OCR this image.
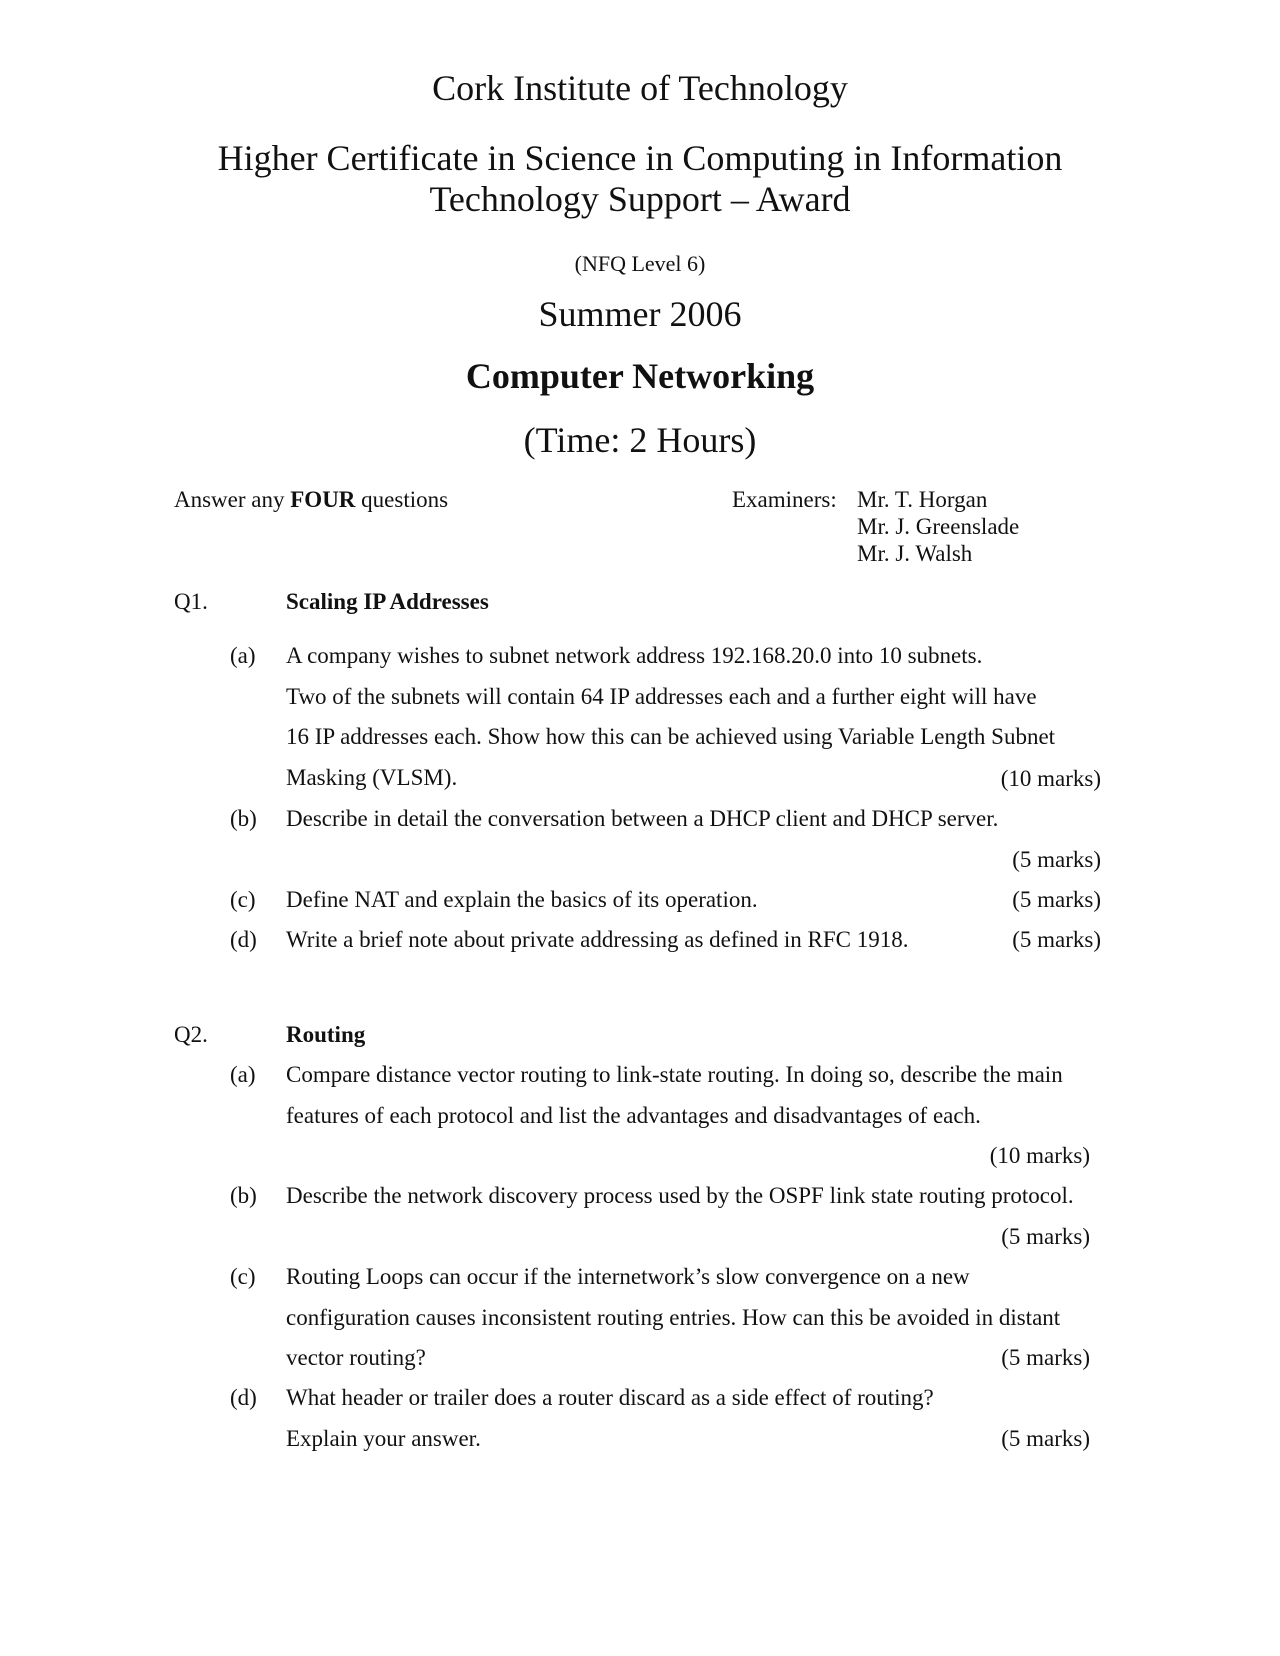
Cork Institute of Technology
Higher Certificate in Science in Computing in Information
Technology Support – Award
(NFQ Level 6)
Summer 2006
Computer Networking
(Time: 2 Hours)
Answer any FOUR questions	Examiners: Mr. T. Horgan
Mr. J. Greenslade
Mr. J. Walsh
Q1.	Scaling IP Addresses
(a) A company wishes to subnet network address 192.168.20.0 into 10 subnets.
Two of the subnets will contain 64 IP addresses each and a further eight will have
16 IP addresses each. Show how this can be achieved using Variable Length Subnet
Masking (VLSM).	(10 marks)
(b) Describe in detail the conversation between a DHCP client and DHCP server.
(5 marks)
(c) Define NAT and explain the basics of its operation.	(5 marks)
(d) Write a brief note about private addressing as defined in RFC 1918.	(5 marks)
Q2.	Routing
(a) Compare distance vector routing to link-state routing. In doing so, describe the main
features of each protocol and list the advantages and disadvantages of each.
(10 marks)
(b) Describe the network discovery process used by the OSPF link state routing protocol.
(5 marks)
(c) Routing Loops can occur if the internetwork’s slow convergence on a new
configuration causes inconsistent routing entries. How can this be avoided in distant
vector routing?	(5 marks)
(d) What header or trailer does a router discard as a side effect of routing?
Explain your answer.	(5 marks)
